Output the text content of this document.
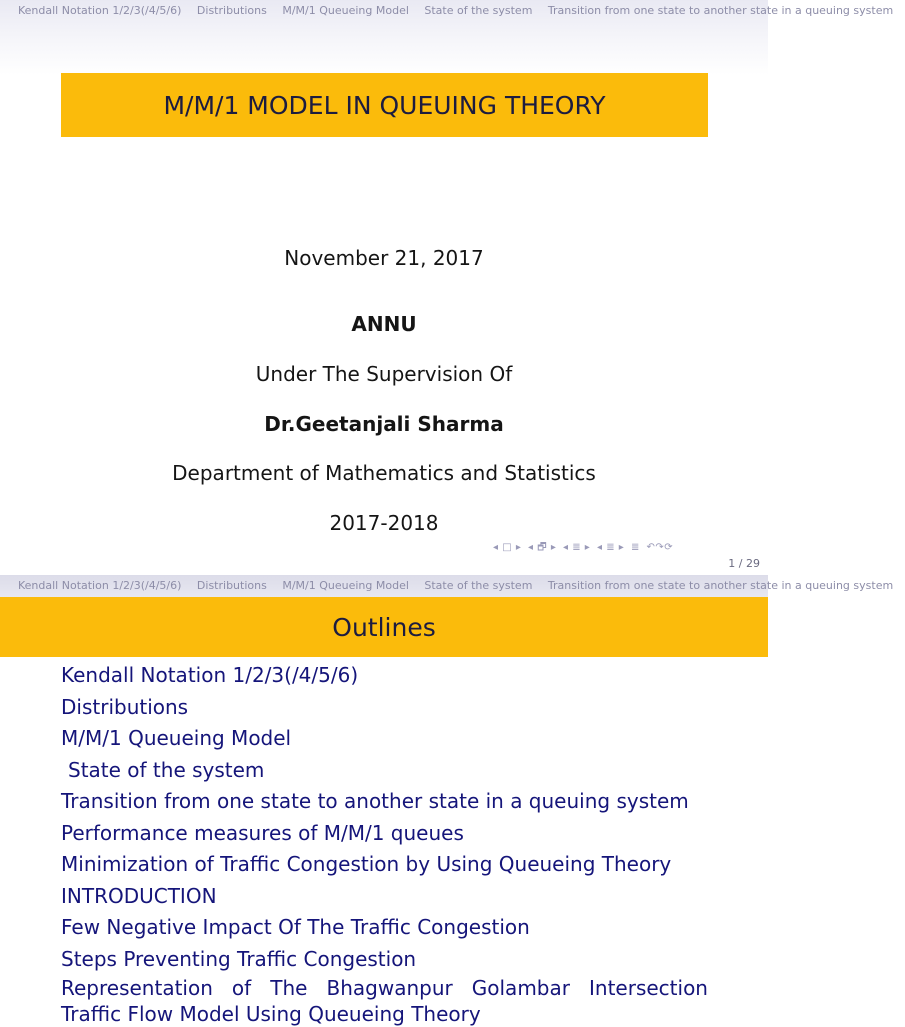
Kendall Notation 1/2/3(/4/5/6) Distributions M/M/1 Queueing Model State of the system Transition from one state to another state in a queuing system
M/M/1 MODEL IN QUEUING THEORY
November 21, 2017
ANNU
Under The Supervision Of
Dr.Geetanjali Sharma
Department of Mathematics and Statistics
2017-2018
◂ □ ▸ ◂ 🗗 ▸ ◂ ≣ ▸ ◂ ≣ ▸ ≣ ↶↷⟳
1 / 29
Kendall Notation 1/2/3(/4/5/6) Distributions M/M/1 Queueing Model State of the system Transition from one state to another state in a queuing system
Outlines
Kendall Notation 1/2/3(/4/5/6)
Distributions
M/M/1 Queueing Model
State of the system
Transition from one state to another state in a queuing system
Performance measures of M/M/1 queues
Minimization of Traffic Congestion by Using Queueing Theory
INTRODUCTION
Few Negative Impact Of The Traffic Congestion
Steps Preventing Traffic Congestion
Representation of The Bhagwanpur Golambar Intersection Traffic Flow Model Using Queueing Theory
